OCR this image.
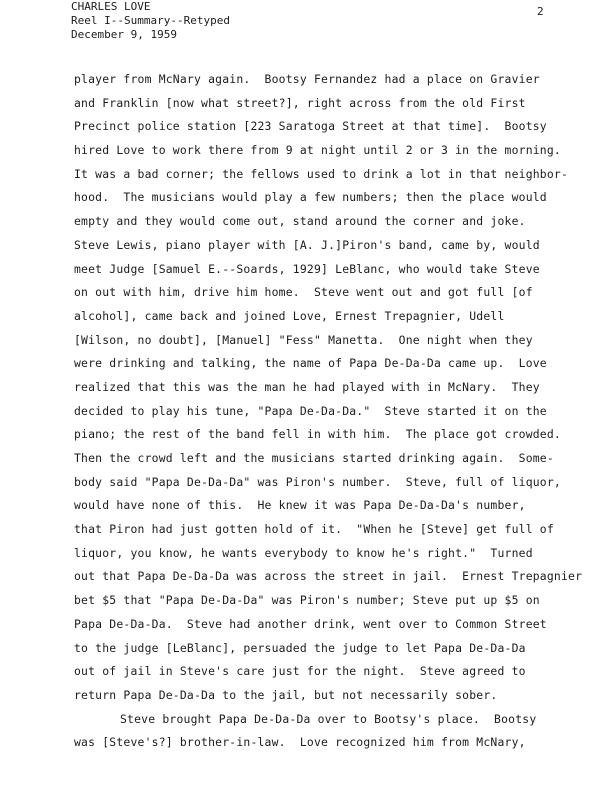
CHARLES LOVE
Reel I--Summary--Retyped
December 9, 1959
2
player from McNary again.  Bootsy Fernandez had a place on Gravier
and Franklin [now what street?], right across from the old First
Precinct police station [223 Saratoga Street at that time].  Bootsy
hired Love to work there from 9 at night until 2 or 3 in the morning.
It was a bad corner; the fellows used to drink a lot in that neighbor-
hood.  The musicians would play a few numbers; then the place would
empty and they would come out, stand around the corner and joke.
Steve Lewis, piano player with [A. J.]Piron's band, came by, would
meet Judge [Samuel E.--Soards, 1929] LeBlanc, who would take Steve
on out with him, drive him home.  Steve went out and got full [of
alcohol], came back and joined Love, Ernest Trepagnier, Udell
[Wilson, no doubt], [Manuel] "Fess" Manetta.  One night when they
were drinking and talking, the name of Papa De-Da-Da came up.  Love
realized that this was the man he had played with in McNary.  They
decided to play his tune, "Papa De-Da-Da."  Steve started it on the
piano; the rest of the band fell in with him.  The place got crowded.
Then the crowd left and the musicians started drinking again.  Some-
body said "Papa De-Da-Da" was Piron's number.  Steve, full of liquor,
would have none of this.  He knew it was Papa De-Da-Da's number,
that Piron had just gotten hold of it.  "When he [Steve] get full of
liquor, you know, he wants everybody to know he's right."  Turned
out that Papa De-Da-Da was across the street in jail.  Ernest Trepagnier
bet $5 that "Papa De-Da-Da" was Piron's number; Steve put up $5 on
Papa De-Da-Da.  Steve had another drink, went over to Common Street
to the judge [LeBlanc], persuaded the judge to let Papa De-Da-Da
out of jail in Steve's care just for the night.  Steve agreed to
return Papa De-Da-Da to the jail, but not necessarily sober.
Steve brought Papa De-Da-Da over to Bootsy's place.  Bootsy
was [Steve's?] brother-in-law.  Love recognized him from McNary,
